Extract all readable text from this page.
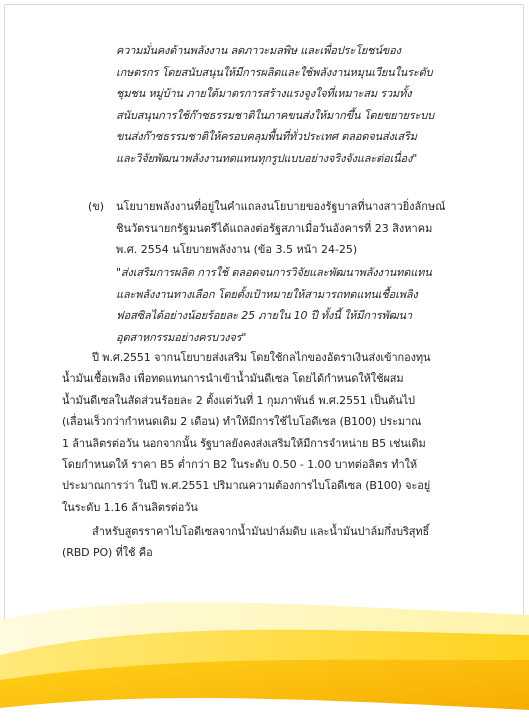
ความมั่นคงด้านพลังงาน ลดภาวะมลพิษ และเพื่อประโยชน์ของ

เกษตรกร โดยสนับสนุนให้มีการผลิตและใช้พลังงานหมุนเวียนในระดับ

ชุมชน หมู่บ้าน ภายใต้มาตรการสร้างแรงจูงใจที่เหมาะสม รวมทั้ง

สนับสนุนการใช้ก๊าซธรรมชาติในภาคขนส่งให้มากขึ้น โดยขยายระบบ

ขนส่งก๊าซธรรมชาติให้ครอบคลุมพื้นที่ทั่วประเทศ ตลอดจนส่งเสริม

และวิจัยพัฒนาพลังงานทดแทนทุกรูปแบบอย่างจริงจังและต่อเนื่อง"

(ข) นโยบายพลังงานที่อยู่ในคำแถลงนโยบายของรัฐบาลที่นางสาวยิ่งลักษณ์

ชินวัตรนายกรัฐมนตรีได้แถลงต่อรัฐสภาเมื่อวันอังคารที่ 23 สิงหาคม

พ.ศ. 2554 นโยบายพลังงาน (ข้อ 3.5 หน้า 24-25)

"ส่งเสริมการผลิต การใช้ ตลอดจนการวิจัยและพัฒนาพลังงานทดแทน

และพลังงานทางเลือก โดยตั้งเป้าหมายให้สามารถทดแทนเชื้อเพลิง

ฟอสซิลได้อย่างน้อยร้อยละ 25 ภายใน 10 ปี ทั้งนี้ ให้มีการพัฒนา

อุตสาหกรรมอย่างครบวงจร"

ปี พ.ศ.2551 จากนโยบายส่งเสริม โดยใช้กลไกของอัตราเงินส่งเข้ากองทุน

น้ำมันเชื้อเพลิง เพื่อทดแทนการนำเข้าน้ำมันดีเซล โดยได้กำหนดให้ใช้ผสม

น้ำมันดีเซลในสัดส่วนร้อยละ 2 ตั้งแต่วันที่ 1 กุมภาพันธ์ พ.ศ.2551 เป็นต้นไป

(เลื่อนเร็วกว่ากำหนดเดิม 2 เดือน) ทำให้มีการใช้ไบโอดีเซล (B100) ประมาณ

1 ล้านลิตรต่อวัน นอกจากนั้น รัฐบาลยังคงส่งเสริมให้มีการจำหน่าย B5 เช่นเดิม

โดยกำหนดให้ ราคา B5 ต่ำกว่า B2 ในระดับ 0.50 - 1.00 บาทต่อลิตร ทำให้

ประมาณการว่า ในปี พ.ศ.2551 ปริมาณความต้องการไบโอดีเซล (B100) จะอยู่

ในระดับ 1.16 ล้านลิตรต่อวัน

สำหรับสูตรราคาไบโอดีเซลจากน้ำมันปาล์มดิบ และน้ำมันปาล์มกึ่งบริสุทธิ์

(RBD PO) ที่ใช้ คือ
